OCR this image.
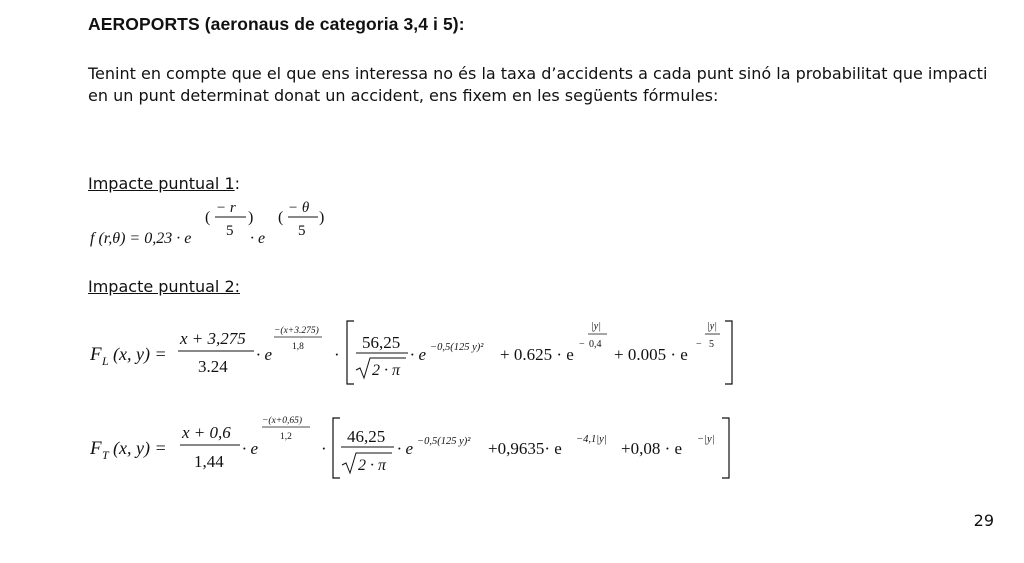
AEROPORTS (aeronaus de categoria 3,4 i 5):
Tenint en compte que el que ens interessa no és la taxa d’accidents a cada punt sinó la probabilitat que impacti en un punt determinat donat un accident, ens fixem en les següents fórmules:
Impacte puntual 1:
f (r,θ) = 0,23 · e
(
− r
5
)
· e
(
− θ
5
)
Impacte puntual 2:
F L (x, y) =
x + 3,275
3.24
· e
−(x+3.275)
1,8 ·
56,25
2 · π
· e −0,5(125 y)² + 0.625 · e
−
|y|
0,4
+ 0.005 · e
−
|y|
5
F T (x, y) =
x + 0,6
1,44
· e
−(x+0,65)
1,2
·
46,25
2 · π
· e −0,5(125 y)² +0,9635· e −4,1|y| +0,08 · e −|y|
29
